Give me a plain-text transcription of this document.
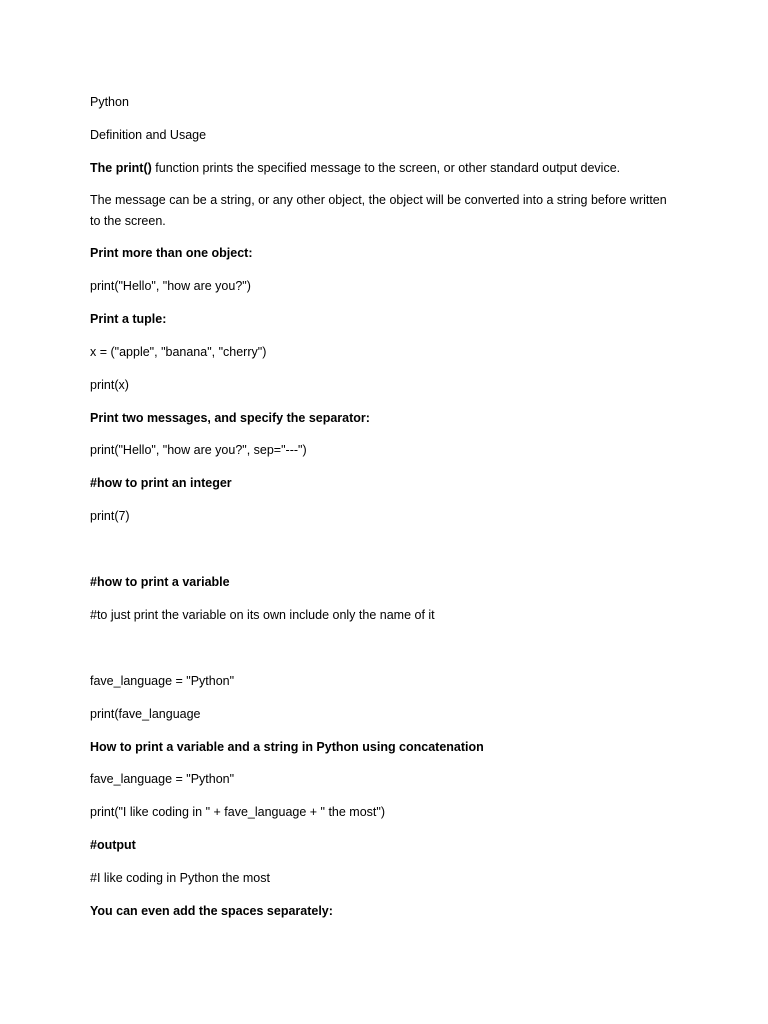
Python
Definition and Usage
The print() function prints the specified message to the screen, or other standard output device.
The message can be a string, or any other object, the object will be converted into a string before written to the screen.
Print more than one object:
print("Hello", "how are you?")
Print a tuple:
x = ("apple", "banana", "cherry")
print(x)
Print two messages, and specify the separator:
print("Hello", "how are you?", sep="---")
#how to print an integer
print(7)
#how to print a variable
#to just print the variable on its own include only the name of it
fave_language = "Python"
print(fave_language
How to print a variable and a string in Python using concatenation
fave_language = "Python"
print("I like coding in " + fave_language + " the most")
#output
#I like coding in Python the most
You can even add the spaces separately:
